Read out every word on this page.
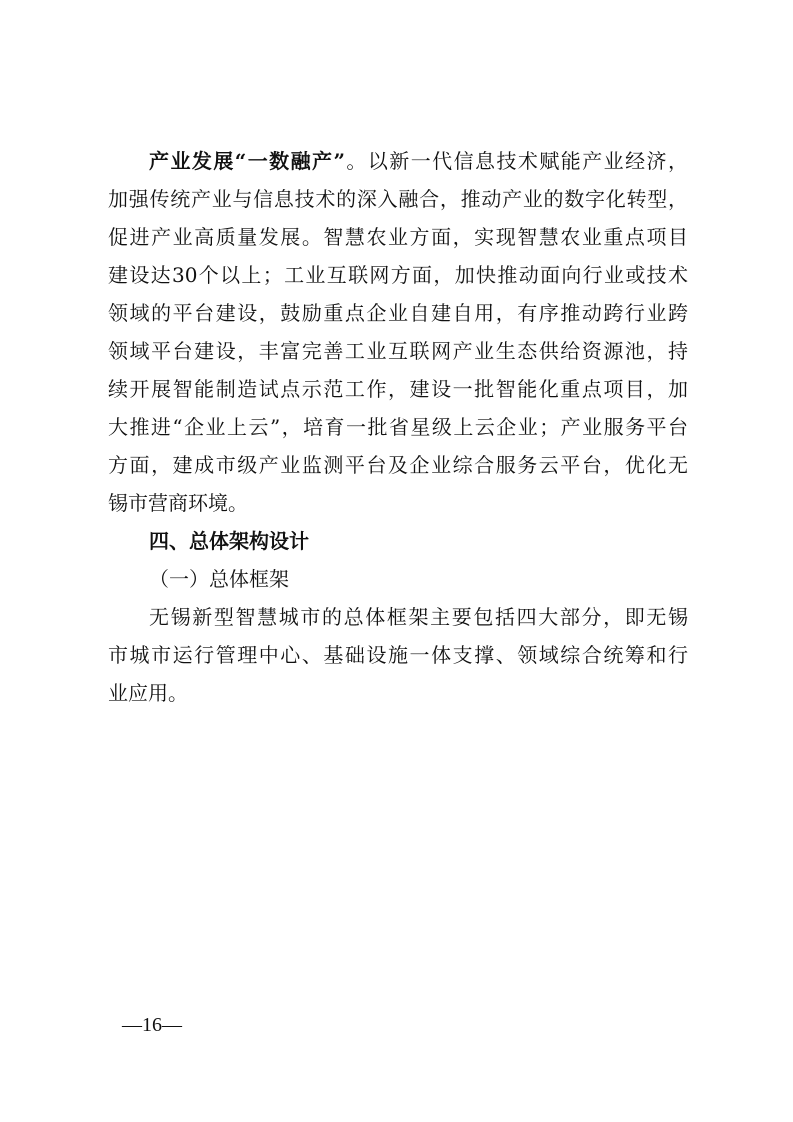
产业发展“一数融产”。以新一代信息技术赋能产业经济，
加强传统产业与信息技术的深入融合，推动产业的数字化转型，
促进产业高质量发展。智慧农业方面，实现智慧农业重点项目
建设达30个以上；工业互联网方面，加快推动面向行业或技术
领域的平台建设，鼓励重点企业自建自用，有序推动跨行业跨
领域平台建设，丰富完善工业互联网产业生态供给资源池，持
续开展智能制造试点示范工作，建设一批智能化重点项目，加
大推进“企业上云”，培育一批省星级上云企业；产业服务平台
方面，建成市级产业监测平台及企业综合服务云平台，优化无
锡市营商环境。
四、总体架构设计
（一）总体框架
无锡新型智慧城市的总体框架主要包括四大部分，即无锡
市城市运行管理中心、基础设施一体支撑、领域综合统筹和行
业应用。
—16—
